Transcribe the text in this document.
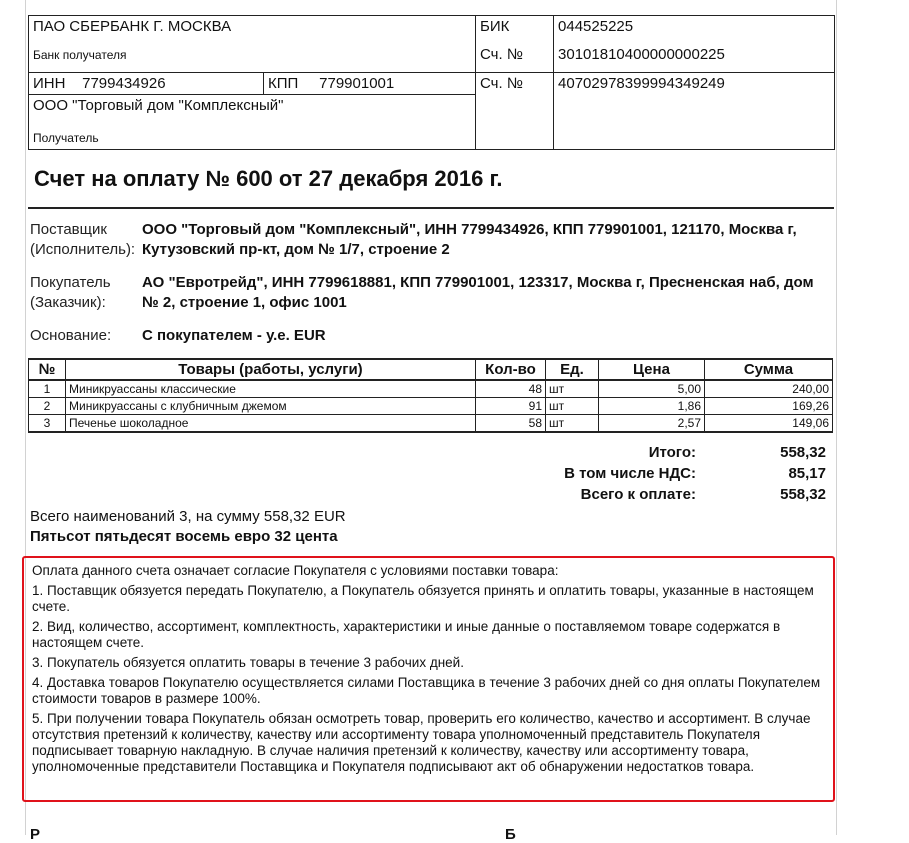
ПАО СБЕРБАНК Г. МОСКВА
Банк получателя		БИК	044525225
		Сч. №	30101810400000000225
ИНН 7799434926	КПП 779901001	Сч. №	40702978399994349249

ООО "Торговый дом "Комплексный"
Получатель			
Счет на оплату № 600 от 27 декабря 2016 г.
Поставщик (Исполнитель):
ООО "Торговый дом "Комплексный", ИНН 7799434926, КПП 779901001, 121170, Москва г, Кутузовский пр-кт, дом № 1/7, строение 2
Покупатель (Заказчик):
АО "Евротрейд", ИНН 7799618881, КПП 779901001, 123317, Москва г, Пресненская наб, дом № 2, строение 1, офис 1001
Основание:	С покупателем - у.е. EUR
№	Товары (работы, услуги)	Кол-во	Ед.	Цена	Сумма
1	Миникруассаны классические	48	шт	5,00	240,00
2	Миникруассаны с клубничным джемом	91	шт	1,86	169,26
3	Печенье шоколадное	58	шт	2,57	149,06
Итого:	558,32
В том числе НДС:	85,17
Всего к оплате:	558,32
Всего наименований 3, на сумму 558,32 EUR
Пятьсот пятьдесят восемь евро 32 цента

Оплата данного счета означает согласие Покупателя с условиями поставки товара:

1. Поставщик обязуется передать Покупателю, а Покупатель обязуется принять и оплатить товары, указанные в настоящем счете.

2. Вид, количество, ассортимент, комплектность, характеристики и иные данные о поставляемом товаре содержатся в настоящем счете.

3. Покупатель обязуется оплатить товары в течение 3 рабочих дней.

4. Доставка товаров Покупателю осуществляется силами Поставщика в течение 3 рабочих дней со дня оплаты Покупателем стоимости товаров в размере 100%.

5. При получении товара Покупатель обязан осмотреть товар, проверить его количество, качество и ассортимент. В случае отсутствия претензий к количеству, качеству или ассортименту товара уполномоченный представитель Покупателя подписывает товарную накладную. В случае наличия претензий к количеству, качеству или ассортименту товара, уполномоченные представители Поставщика и Покупателя подписывают акт об обнаружении недостатков товара.

Р	Б
